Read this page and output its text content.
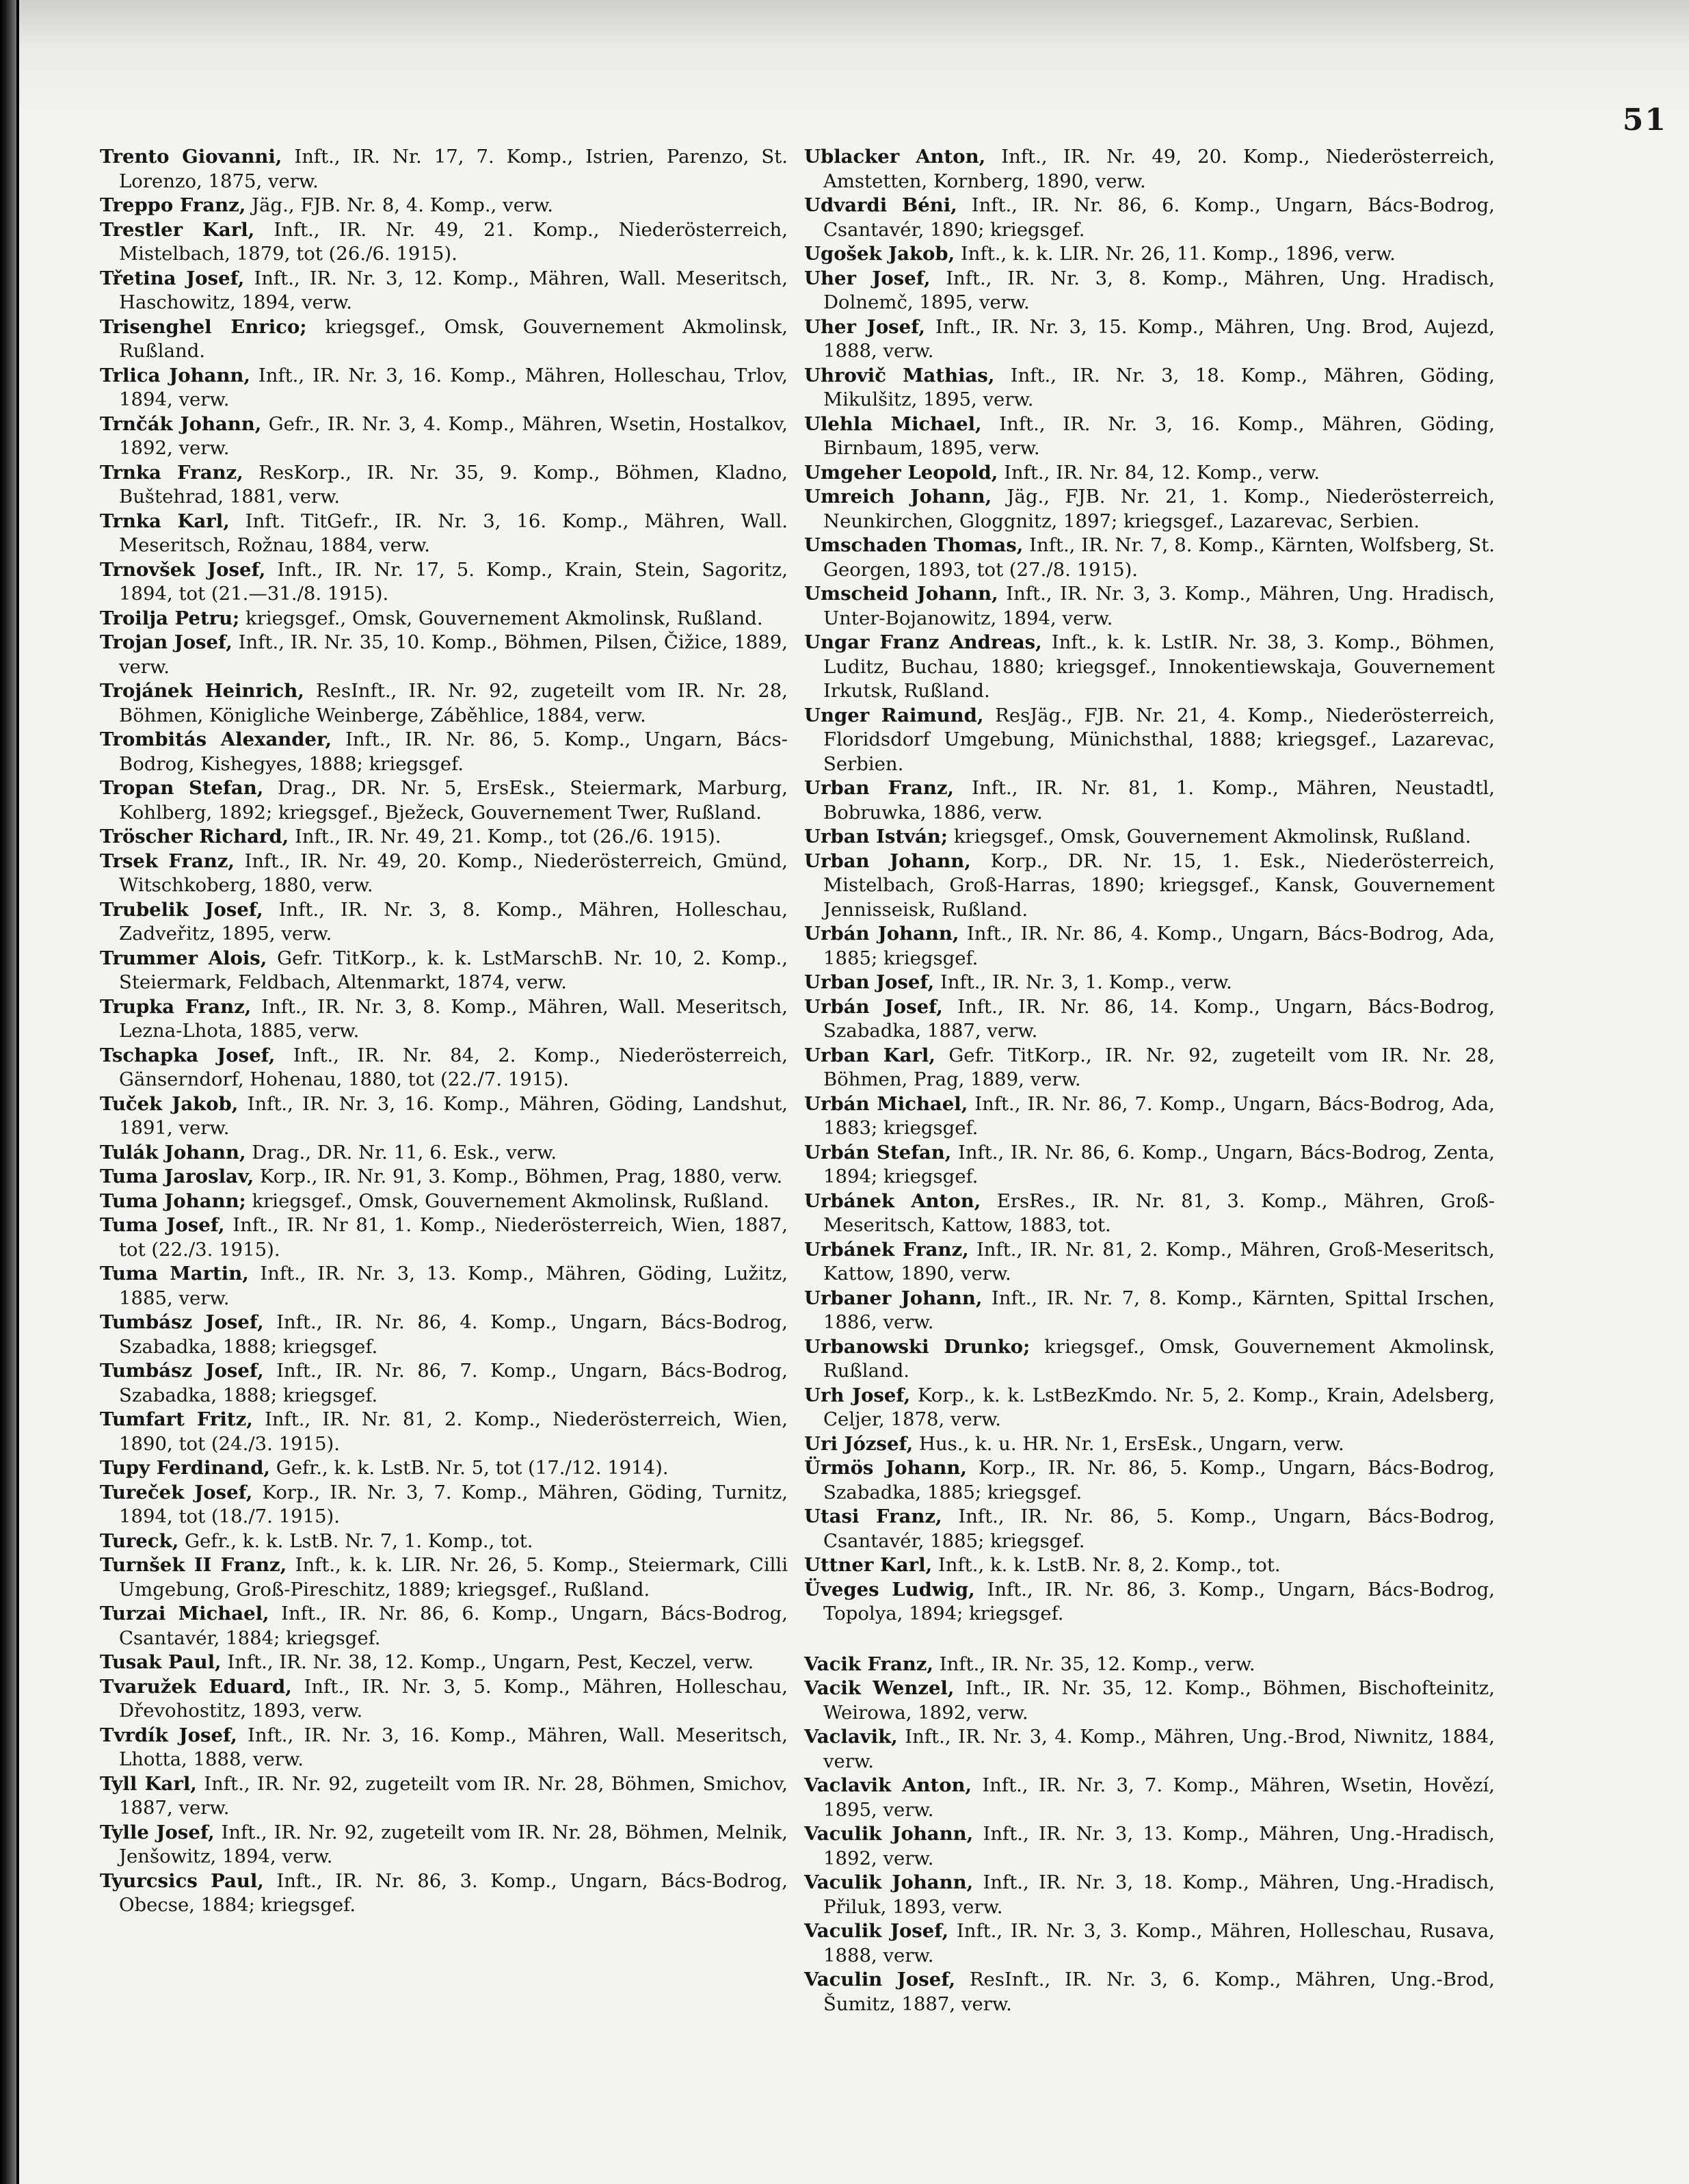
51

Trento Giovanni, Inft., IR. Nr. 17, 7. Komp., Istrien, Parenzo, St. Lorenzo, 1875, verw.

Treppo Franz, Jäg., FJB. Nr. 8, 4. Komp., verw.

Trestler Karl, Inft., IR. Nr. 49, 21. Komp., Niederösterreich, Mistelbach, 1879, tot (26./6. 1915).

Třetina Josef, Inft., IR. Nr. 3, 12. Komp., Mähren, Wall. Meseritsch, Haschowitz, 1894, verw.

Trisenghel Enrico; kriegsgef., Omsk, Gouvernement Akmolinsk, Rußland.

Trlica Johann, Inft., IR. Nr. 3, 16. Komp., Mähren, Holleschau, Trlov, 1894, verw.

Trnčák Johann, Gefr., IR. Nr. 3, 4. Komp., Mähren, Wsetin, Hostalkov, 1892, verw.

Trnka Franz, ResKorp., IR. Nr. 35, 9. Komp., Böhmen, Kladno, Buštehrad, 1881, verw.

Trnka Karl, Inft. TitGefr., IR. Nr. 3, 16. Komp., Mähren, Wall. Meseritsch, Rožnau, 1884, verw.

Trnovšek Josef, Inft., IR. Nr. 17, 5. Komp., Krain, Stein, Sagoritz, 1894, tot (21.—31./8. 1915).

Troilja Petru; kriegsgef., Omsk, Gouvernement Akmolinsk, Rußland.

Trojan Josef, Inft., IR. Nr. 35, 10. Komp., Böhmen, Pilsen, Čižice, 1889, verw.

Trojánek Heinrich, ResInft., IR. Nr. 92, zugeteilt vom IR. Nr. 28, Böhmen, Königliche Weinberge, Záběhlice, 1884, verw.

Trombitás Alexander, Inft., IR. Nr. 86, 5. Komp., Ungarn, Bács-Bodrog, Kishegyes, 1888; kriegsgef.

Tropan Stefan, Drag., DR. Nr. 5, ErsEsk., Steiermark, Marburg, Kohlberg, 1892; kriegsgef., Bježeck, Gouvernement Twer, Rußland.

Tröscher Richard, Inft., IR. Nr. 49, 21. Komp., tot (26./6. 1915).

Trsek Franz, Inft., IR. Nr. 49, 20. Komp., Niederösterreich, Gmünd, Witschkoberg, 1880, verw.

Trubelik Josef, Inft., IR. Nr. 3, 8. Komp., Mähren, Holleschau, Zadveřitz, 1895, verw.

Trummer Alois, Gefr. TitKorp., k. k. LstMarschB. Nr. 10, 2. Komp., Steiermark, Feldbach, Altenmarkt, 1874, verw.

Trupka Franz, Inft., IR. Nr. 3, 8. Komp., Mähren, Wall. Meseritsch, Lezna-Lhota, 1885, verw.

Tschapka Josef, Inft., IR. Nr. 84, 2. Komp., Niederösterreich, Gänserndorf, Hohenau, 1880, tot (22./7. 1915).

Tuček Jakob, Inft., IR. Nr. 3, 16. Komp., Mähren, Göding, Landshut, 1891, verw.

Tulák Johann, Drag., DR. Nr. 11, 6. Esk., verw.

Tuma Jaroslav, Korp., IR. Nr. 91, 3. Komp., Böhmen, Prag, 1880, verw.

Tuma Johann; kriegsgef., Omsk, Gouvernement Akmolinsk, Rußland.

Tuma Josef, Inft., IR. Nr 81, 1. Komp., Niederösterreich, Wien, 1887, tot (22./3. 1915).

Tuma Martin, Inft., IR. Nr. 3, 13. Komp., Mähren, Göding, Lužitz, 1885, verw.

Tumbász Josef, Inft., IR. Nr. 86, 4. Komp., Ungarn, Bács-Bodrog, Szabadka, 1888; kriegsgef.

Tumbász Josef, Inft., IR. Nr. 86, 7. Komp., Ungarn, Bács-Bodrog, Szabadka, 1888; kriegsgef.

Tumfart Fritz, Inft., IR. Nr. 81, 2. Komp., Niederösterreich, Wien, 1890, tot (24./3. 1915).

Tupy Ferdinand, Gefr., k. k. LstB. Nr. 5, tot (17./12. 1914).

Tureček Josef, Korp., IR. Nr. 3, 7. Komp., Mähren, Göding, Turnitz, 1894, tot (18./7. 1915).

Tureck, Gefr., k. k. LstB. Nr. 7, 1. Komp., tot.

Turnšek II Franz, Inft., k. k. LIR. Nr. 26, 5. Komp., Steiermark, Cilli Umgebung, Groß-Pireschitz, 1889; kriegsgef., Rußland.

Turzai Michael, Inft., IR. Nr. 86, 6. Komp., Ungarn, Bács-Bodrog, Csantavér, 1884; kriegsgef.

Tusak Paul, Inft., IR. Nr. 38, 12. Komp., Ungarn, Pest, Keczel, verw.

Tvaružek Eduard, Inft., IR. Nr. 3, 5. Komp., Mähren, Holleschau, Dřevohostitz, 1893, verw.

Tvrdík Josef, Inft., IR. Nr. 3, 16. Komp., Mähren, Wall. Meseritsch, Lhotta, 1888, verw.

Tyll Karl, Inft., IR. Nr. 92, zugeteilt vom IR. Nr. 28, Böhmen, Smichov, 1887, verw.

Tylle Josef, Inft., IR. Nr. 92, zugeteilt vom IR. Nr. 28, Böhmen, Melnik, Jenšowitz, 1894, verw.

Tyurcsics Paul, Inft., IR. Nr. 86, 3. Komp., Ungarn, Bács-Bodrog, Obecse, 1884; kriegsgef.

Ublacker Anton, Inft., IR. Nr. 49, 20. Komp., Niederösterreich, Amstetten, Kornberg, 1890, verw.

Udvardi Béni, Inft., IR. Nr. 86, 6. Komp., Ungarn, Bács-Bodrog, Csantavér, 1890; kriegsgef.

Ugošek Jakob, Inft., k. k. LIR. Nr. 26, 11. Komp., 1896, verw.

Uher Josef, Inft., IR. Nr. 3, 8. Komp., Mähren, Ung. Hradisch, Dolnemč, 1895, verw.

Uher Josef, Inft., IR. Nr. 3, 15. Komp., Mähren, Ung. Brod, Aujezd, 1888, verw.

Uhrovič Mathias, Inft., IR. Nr. 3, 18. Komp., Mähren, Göding, Mikulšitz, 1895, verw.

Ulehla Michael, Inft., IR. Nr. 3, 16. Komp., Mähren, Göding, Birnbaum, 1895, verw.

Umgeher Leopold, Inft., IR. Nr. 84, 12. Komp., verw.

Umreich Johann, Jäg., FJB. Nr. 21, 1. Komp., Niederösterreich, Neunkirchen, Gloggnitz, 1897; kriegsgef., Lazarevac, Serbien.

Umschaden Thomas, Inft., IR. Nr. 7, 8. Komp., Kärnten, Wolfsberg, St. Georgen, 1893, tot (27./8. 1915).

Umscheid Johann, Inft., IR. Nr. 3, 3. Komp., Mähren, Ung. Hradisch, Unter-Bojanowitz, 1894, verw.

Ungar Franz Andreas, Inft., k. k. LstIR. Nr. 38, 3. Komp., Böhmen, Luditz, Buchau, 1880; kriegsgef., Innokentiewskaja, Gouvernement Irkutsk, Rußland.

Unger Raimund, ResJäg., FJB. Nr. 21, 4. Komp., Niederösterreich, Floridsdorf Umgebung, Münichsthal, 1888; kriegsgef., Lazarevac, Serbien.

Urban Franz, Inft., IR. Nr. 81, 1. Komp., Mähren, Neustadtl, Bobruwka, 1886, verw.

Urban István; kriegsgef., Omsk, Gouvernement Akmolinsk, Rußland.

Urban Johann, Korp., DR. Nr. 15, 1. Esk., Niederösterreich, Mistelbach, Groß-Harras, 1890; kriegsgef., Kansk, Gouvernement Jennisseisk, Rußland.

Urbán Johann, Inft., IR. Nr. 86, 4. Komp., Ungarn, Bács-Bodrog, Ada, 1885; kriegsgef.

Urban Josef, Inft., IR. Nr. 3, 1. Komp., verw.

Urbán Josef, Inft., IR. Nr. 86, 14. Komp., Ungarn, Bács-Bodrog, Szabadka, 1887, verw.

Urban Karl, Gefr. TitKorp., IR. Nr. 92, zugeteilt vom IR. Nr. 28, Böhmen, Prag, 1889, verw.

Urbán Michael, Inft., IR. Nr. 86, 7. Komp., Ungarn, Bács-Bodrog, Ada, 1883; kriegsgef.

Urbán Stefan, Inft., IR. Nr. 86, 6. Komp., Ungarn, Bács-Bodrog, Zenta, 1894; kriegsgef.

Urbánek Anton, ErsRes., IR. Nr. 81, 3. Komp., Mähren, Groß-Meseritsch, Kattow, 1883, tot.

Urbánek Franz, Inft., IR. Nr. 81, 2. Komp., Mähren, Groß-Meseritsch, Kattow, 1890, verw.

Urbaner Johann, Inft., IR. Nr. 7, 8. Komp., Kärnten, Spittal Irschen, 1886, verw.

Urbanowski Drunko; kriegsgef., Omsk, Gouvernement Akmolinsk, Rußland.

Urh Josef, Korp., k. k. LstBezKmdo. Nr. 5, 2. Komp., Krain, Adelsberg, Celjer, 1878, verw.

Uri József, Hus., k. u. HR. Nr. 1, ErsEsk., Ungarn, verw.

Ürmös Johann, Korp., IR. Nr. 86, 5. Komp., Ungarn, Bács-Bodrog, Szabadka, 1885; kriegsgef.

Utasi Franz, Inft., IR. Nr. 86, 5. Komp., Ungarn, Bács-Bodrog, Csantavér, 1885; kriegsgef.

Uttner Karl, Inft., k. k. LstB. Nr. 8, 2. Komp., tot.

Üveges Ludwig, Inft., IR. Nr. 86, 3. Komp., Ungarn, Bács-Bodrog, Topolya, 1894; kriegsgef.

Vacik Franz, Inft., IR. Nr. 35, 12. Komp., verw.

Vacik Wenzel, Inft., IR. Nr. 35, 12. Komp., Böhmen, Bischofteinitz, Weirowa, 1892, verw.

Vaclavik, Inft., IR. Nr. 3, 4. Komp., Mähren, Ung.-Brod, Niwnitz, 1884, verw.

Vaclavik Anton, Inft., IR. Nr. 3, 7. Komp., Mähren, Wsetin, Hovězí, 1895, verw.

Vaculik Johann, Inft., IR. Nr. 3, 13. Komp., Mähren, Ung.-Hradisch, 1892, verw.

Vaculik Johann, Inft., IR. Nr. 3, 18. Komp., Mähren, Ung.-Hradisch, Přiluk, 1893, verw.

Vaculik Josef, Inft., IR. Nr. 3, 3. Komp., Mähren, Holleschau, Rusava, 1888, verw.

Vaculin Josef, ResInft., IR. Nr. 3, 6. Komp., Mähren, Ung.-Brod, Šumitz, 1887, verw.
